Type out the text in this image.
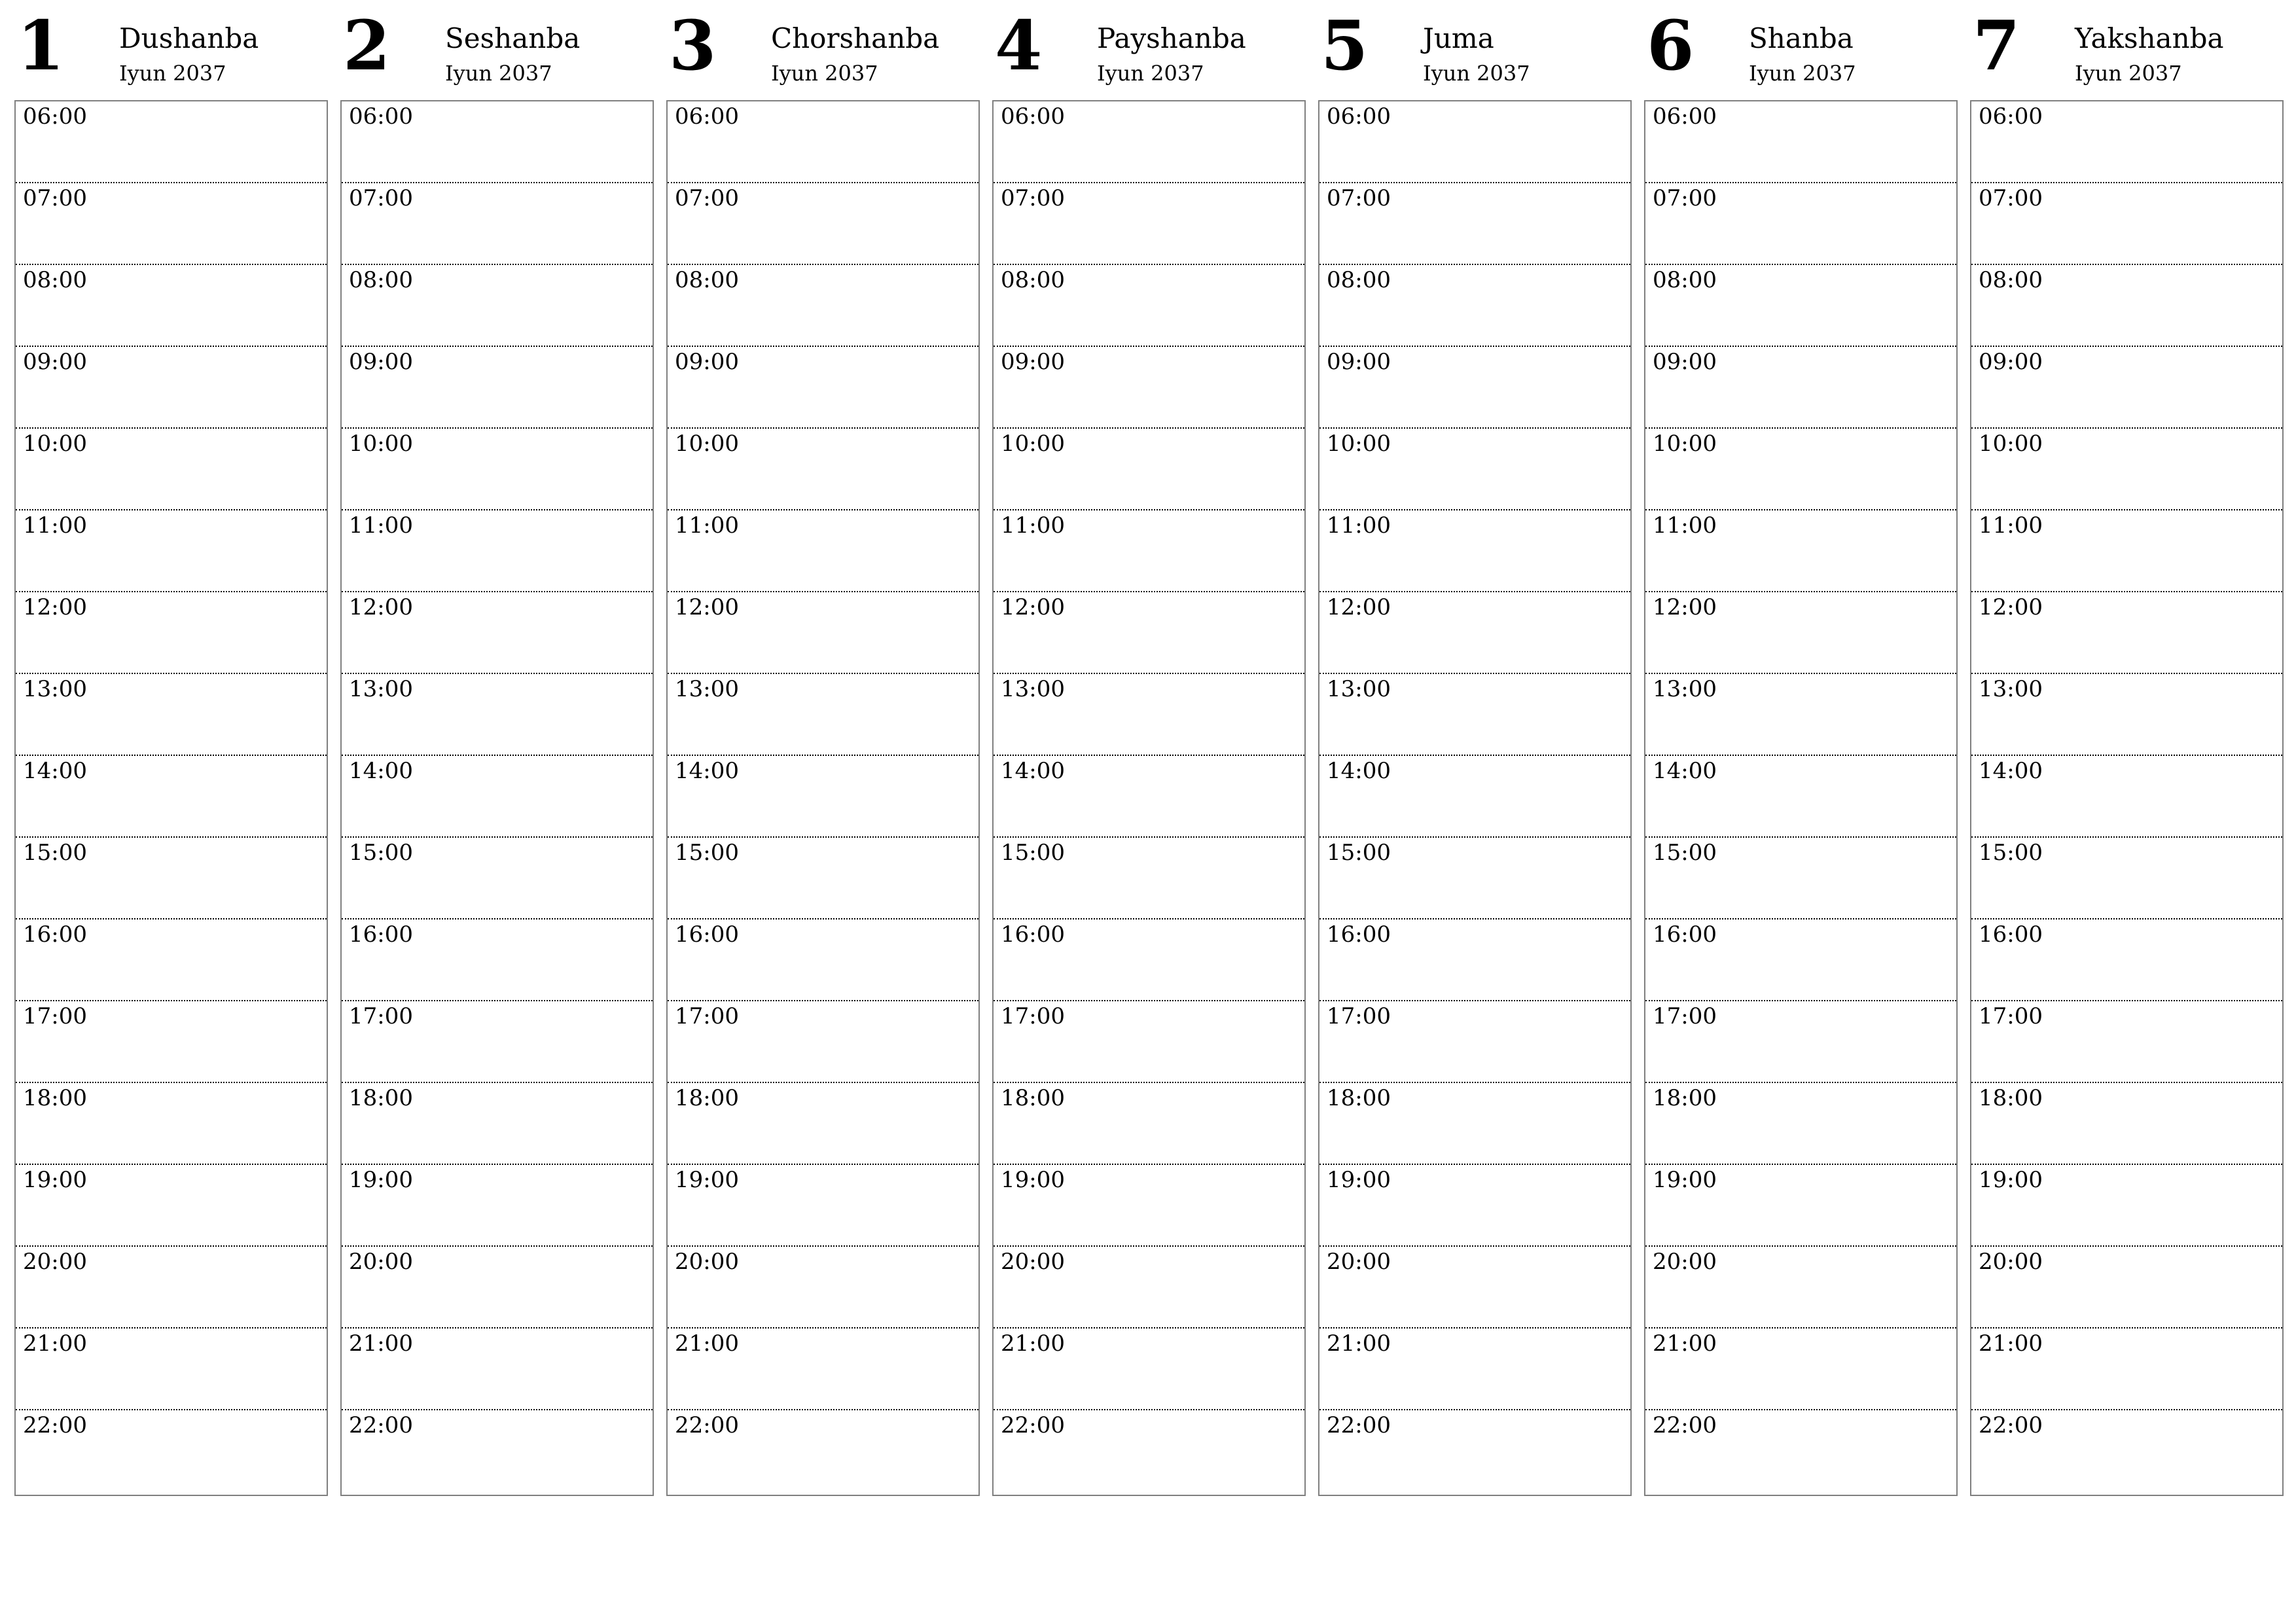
1 Dushanba
Iyun 2037
06:00
07:00
08:00
09:00
10:00
11:00
12:00
13:00
14:00
15:00
16:00
17:00
18:00
19:00
20:00
21:00
22:00
2 Seshanba
Iyun 2037
06:00
07:00
08:00
09:00
10:00
11:00
12:00
13:00
14:00
15:00
16:00
17:00
18:00
19:00
20:00
21:00
22:00
3 Chorshanba
Iyun 2037
06:00
07:00
08:00
09:00
10:00
11:00
12:00
13:00
14:00
15:00
16:00
17:00
18:00
19:00
20:00
21:00
22:00
4 Payshanba
Iyun 2037
06:00
07:00
08:00
09:00
10:00
11:00
12:00
13:00
14:00
15:00
16:00
17:00
18:00
19:00
20:00
21:00
22:00
5 Juma
Iyun 2037
06:00
07:00
08:00
09:00
10:00
11:00
12:00
13:00
14:00
15:00
16:00
17:00
18:00
19:00
20:00
21:00
22:00
6 Shanba
Iyun 2037
06:00
07:00
08:00
09:00
10:00
11:00
12:00
13:00
14:00
15:00
16:00
17:00
18:00
19:00
20:00
21:00
22:00
7 Yakshanba
Iyun 2037
06:00
07:00
08:00
09:00
10:00
11:00
12:00
13:00
14:00
15:00
16:00
17:00
18:00
19:00
20:00
21:00
22:00
